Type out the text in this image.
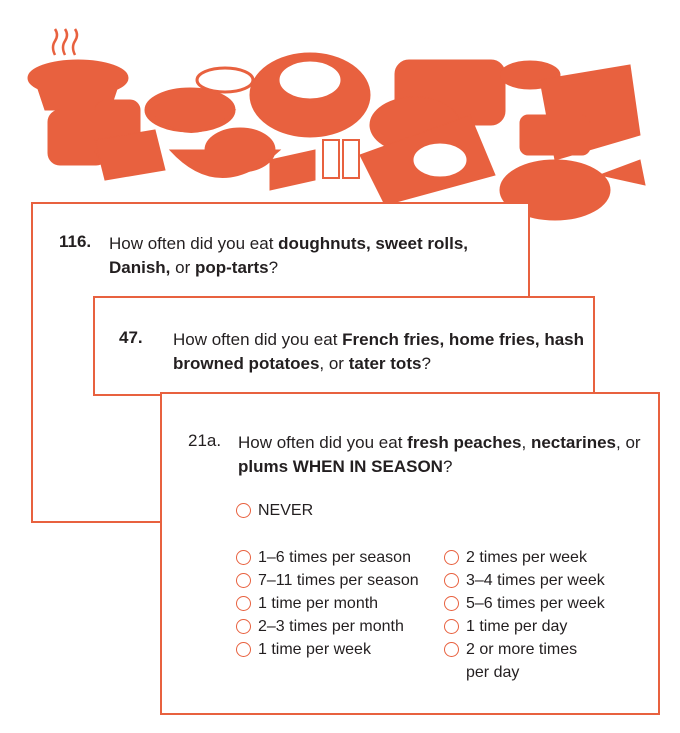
116. How often did you eat doughnuts, sweet rolls, Danish, or pop-tarts?
47. How often did you eat French fries, home fries, hash browned potatoes, or tater tots?
21a. How often did you eat fresh peaches, nectarines, or plums WHEN IN SEASON?
NEVER
1–6 times per season
7–11 times per season
1 time per month
2–3 times per month
1 time per week
2 times per week
3–4 times per week
5–6 times per week
1 time per day
2 or more times per day
